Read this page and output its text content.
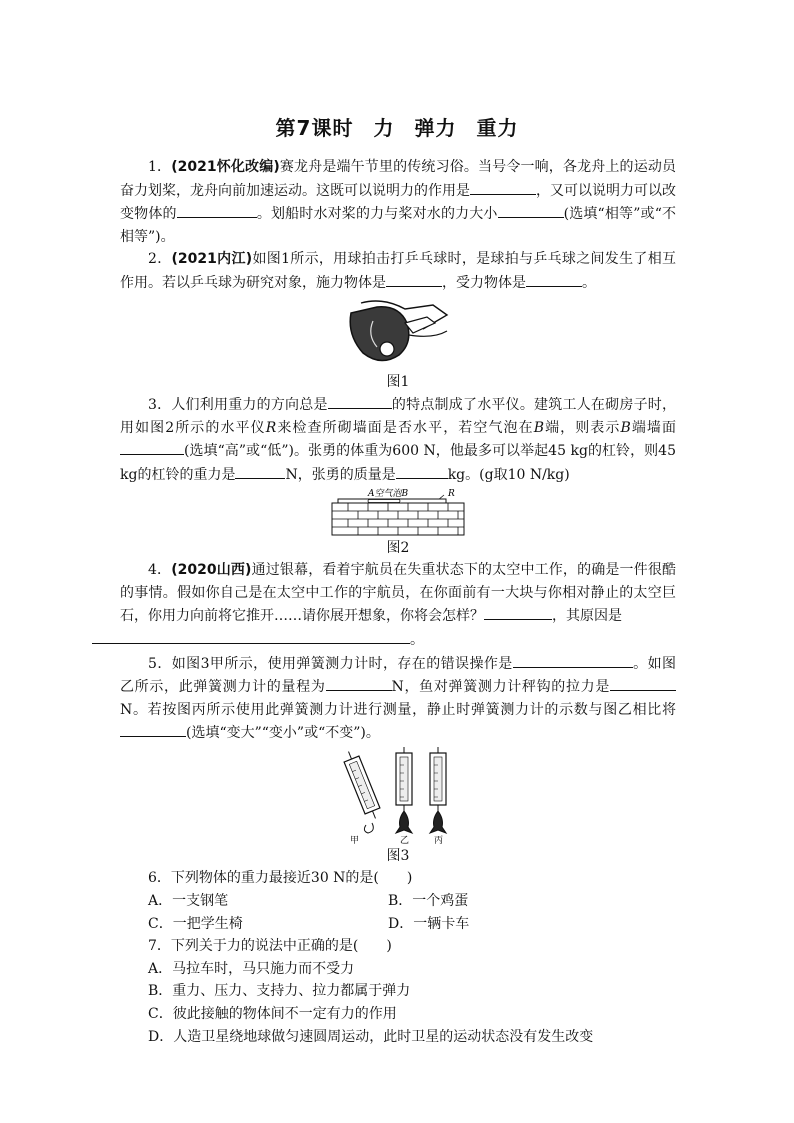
第7课时 力 弹力 重力

1．(2021怀化改编)赛龙舟是端午节里的传统习俗。当号令一响，各龙舟上的运动员奋力划桨，龙舟向前加速运动。这既可以说明力的作用是	，又可以说明力可以改变物体的	。划船时水对桨的力与桨对水的力大小	(选填“相等”或“不相等”)。

2．(2021内江)如图1所示，用球拍击打乒乓球时，是球拍与乒乓球之间发生了相互作用。若以乒乓球为研究对象，施力物体是	，受力物体是	。

图1

3．人们利用重力的方向总是	的特点制成了水平仪。建筑工人在砌房子时，用如图2所示的水平仪R来检查所砌墙面是否水平，若空气泡在B端，则表示B端墙面(选填“高”或“低”)。张勇的体重为600 N，他最多可以举起45 kg的杠铃，则45 kg的杠铃的重力是	N，张勇的质量是	kg。(g取10 N/kg)

A空气泡B	R

图2

4．(2020山西)通过银幕，看着宇航员在失重状态下的太空中工作，的确是一件很酷的事情。假如你自己是在太空中工作的宇航员，在你面前有一大块与你相对静止的太空巨石，你用力向前将它推开……请你展开想象，你将会怎样？	，其原因是
。

5．如图3甲所示，使用弹簧测力计时，存在的错误操作是	。如图乙所示，此弹簧测力计的量程为	N，鱼对弹簧测力计秤钩的拉力是N。若按图丙所示使用此弹簧测力计进行测量，静止时弹簧测力计的示数与图乙相比将(选填“变大”“变小”或“不变”)。

甲	乙	丙

图3

6．下列物体的重力最接近30 N的是(　　)

A．一支钢笔	B．一个鸡蛋
C．一把学生椅	D．一辆卡车

7．下列关于力的说法中正确的是(　　)

A．马拉车时，马只施力而不受力

B．重力、压力、支持力、拉力都属于弹力

C．彼此接触的物体间不一定有力的作用

D．人造卫星绕地球做匀速圆周运动，此时卫星的运动状态没有发生改变
